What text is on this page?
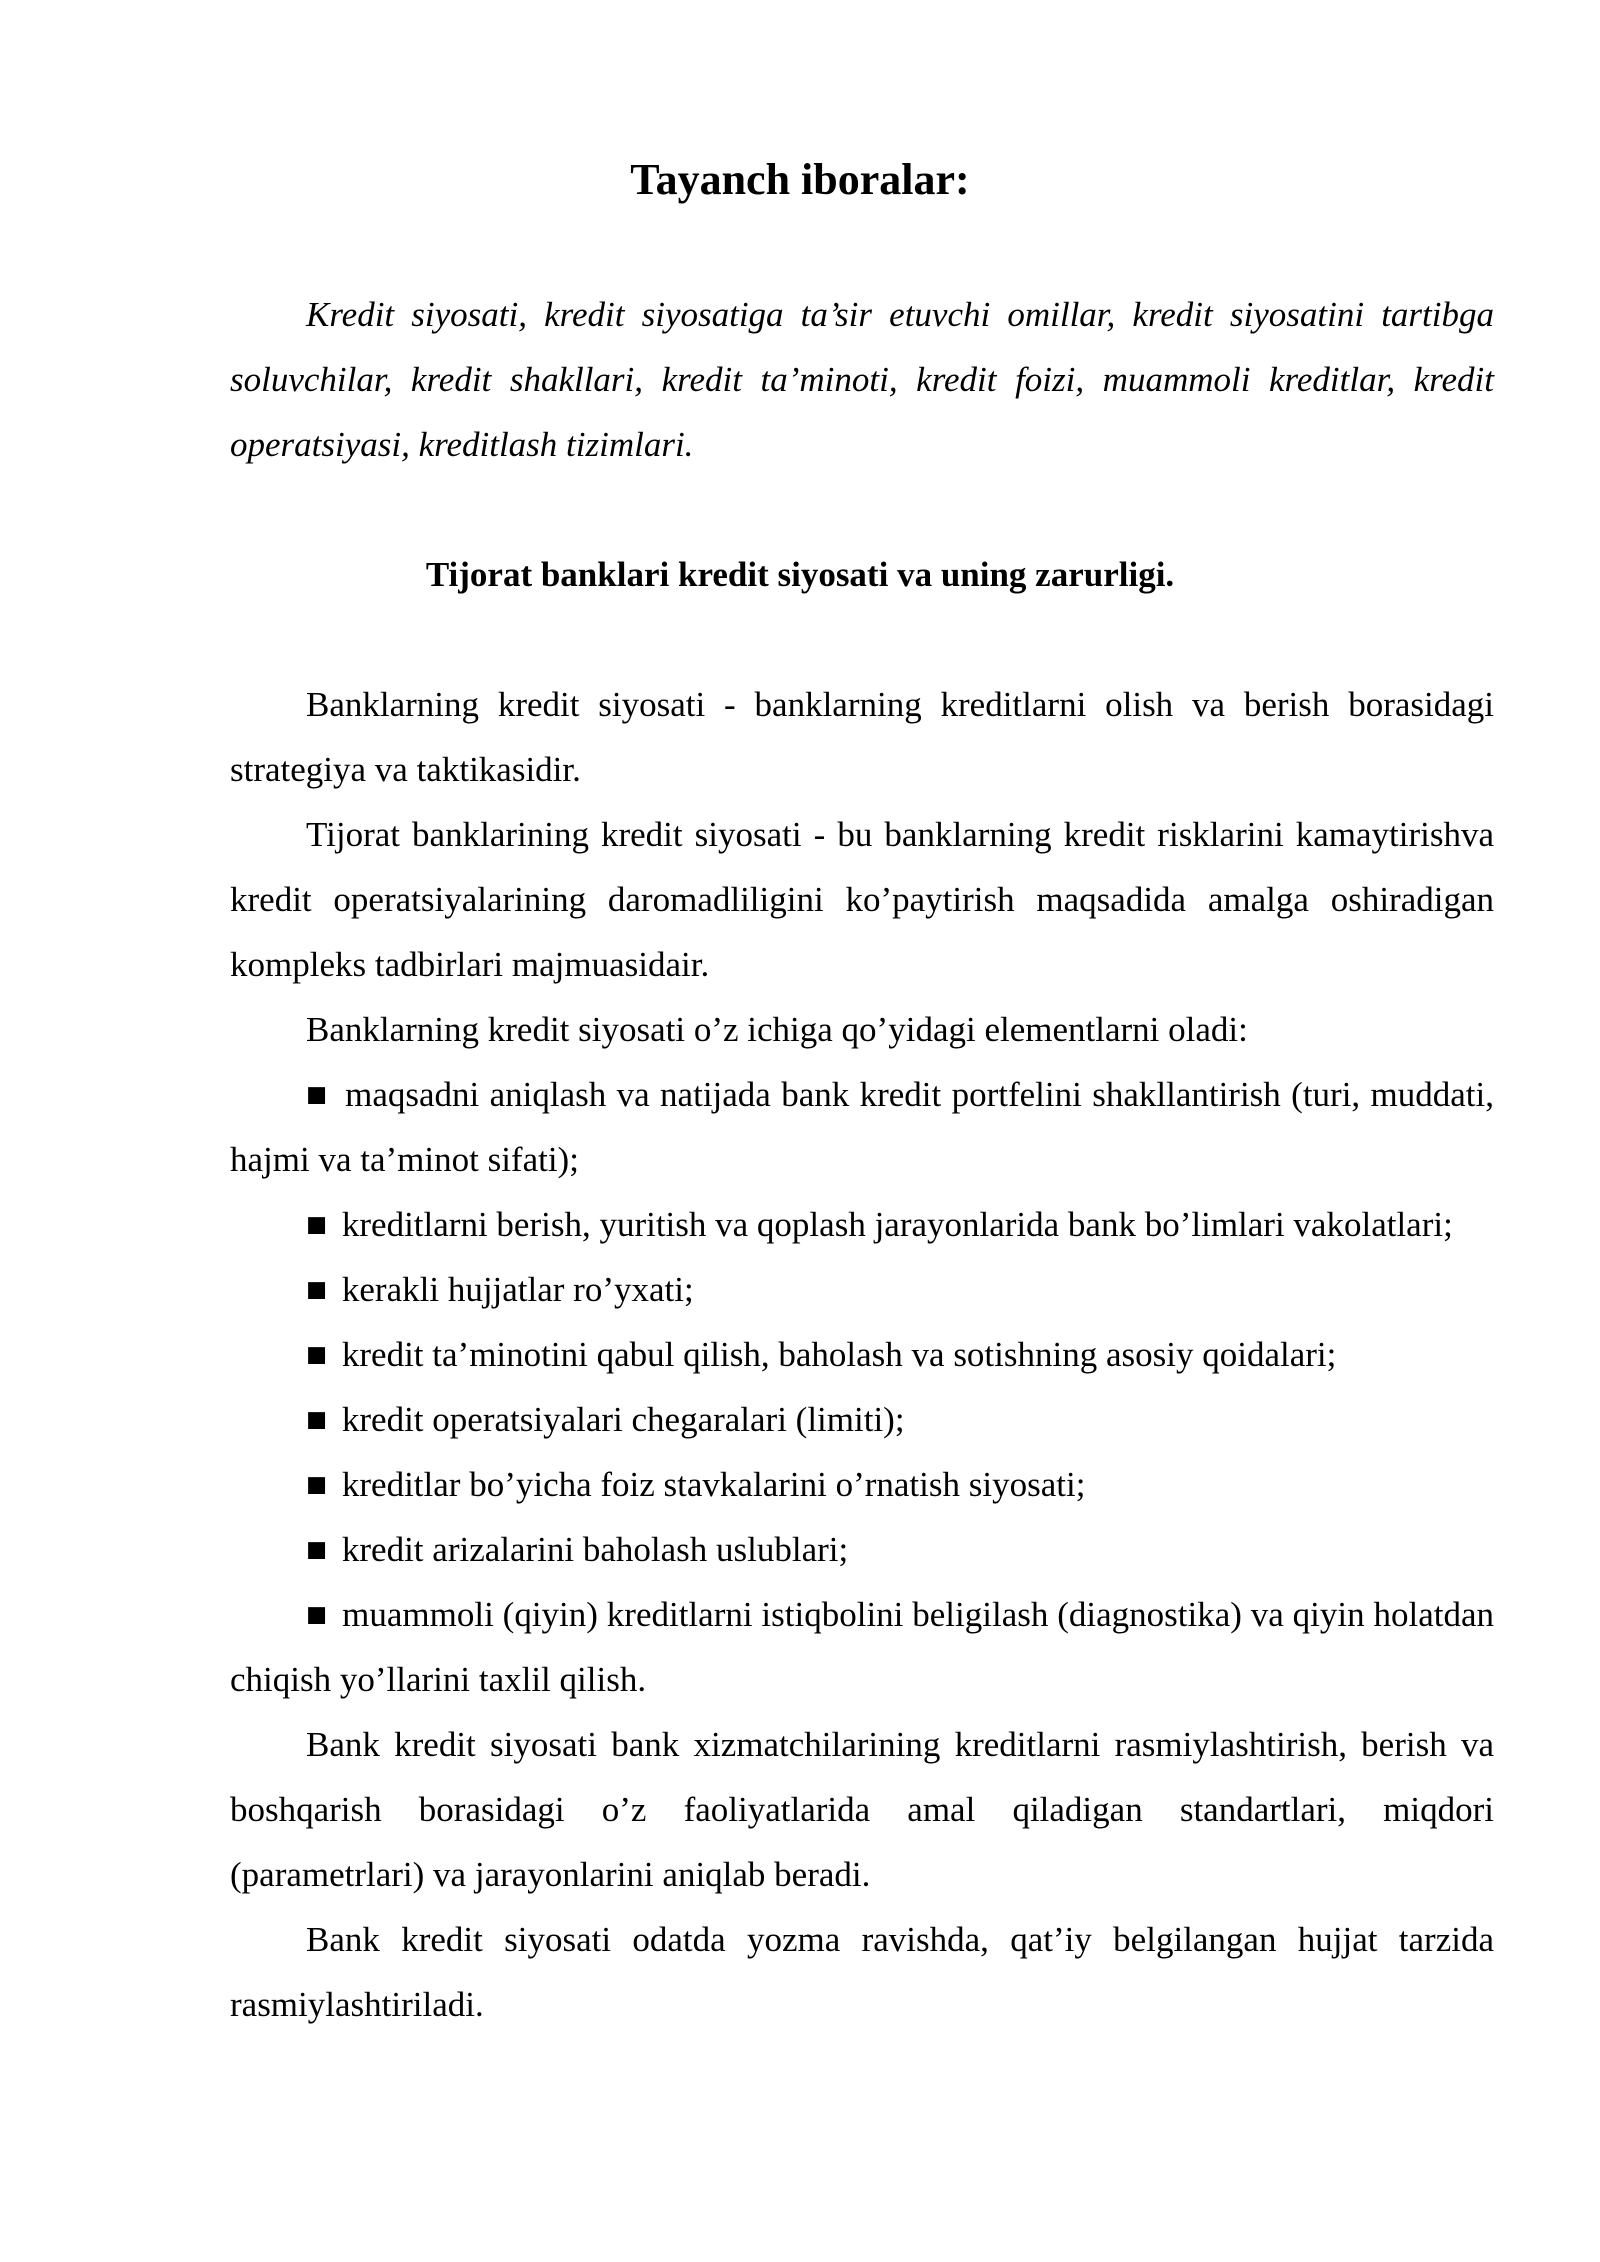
Tayanch iboralar:

Kredit siyosati, kredit siyosatiga ta’sir etuvchi omillar, kredit siyosatini tartibga soluvchilar, kredit shakllari, kredit ta’minoti, kredit foizi, muammoli kreditlar, kredit operatsiyasi, kreditlash tizimlari.

Tijorat banklari kredit siyosati va uning zarurligi.

Banklarning kredit siyosati - banklarning kreditlarni olish va berish borasidagi strategiya va taktikasidir.

Tijorat banklarining kredit siyosati - bu banklarning kredit risklarini kamaytirishva kredit operatsiyalarining daromadliligini ko’paytirish maqsadida amalga oshiradigan kompleks tadbirlari majmuasidair.

Banklarning kredit siyosati o’z ichiga qo’yidagi elementlarni oladi:

■ maqsadni aniqlash va natijada bank kredit portfelini shakllantirish (turi, muddati, hajmi va ta’minot sifati);

■ kreditlarni berish, yuritish va qoplash jarayonlarida bank bo’limlari vakolatlari;

■ kerakli hujjatlar ro’yxati;

■ kredit ta’minotini qabul qilish, baholash va sotishning asosiy qoidalari;

■ kredit operatsiyalari chegaralari (limiti);

■ kreditlar bo’yicha foiz stavkalarini o’rnatish siyosati;

■ kredit arizalarini baholash uslublari;

■ muammoli (qiyin) kreditlarni istiqbolini beligilash (diagnostika) va qiyin holatdan chiqish yo’llarini taxlil qilish.

Bank kredit siyosati bank xizmatchilarining kreditlarni rasmiylashtirish, berish va boshqarish borasidagi o’z faoliyatlarida amal qiladigan standartlari, miqdori (parametrlari) va jarayonlarini aniqlab beradi.

Bank kredit siyosati odatda yozma ravishda, qat’iy belgilangan hujjat tarzida rasmiylashtiriladi.
